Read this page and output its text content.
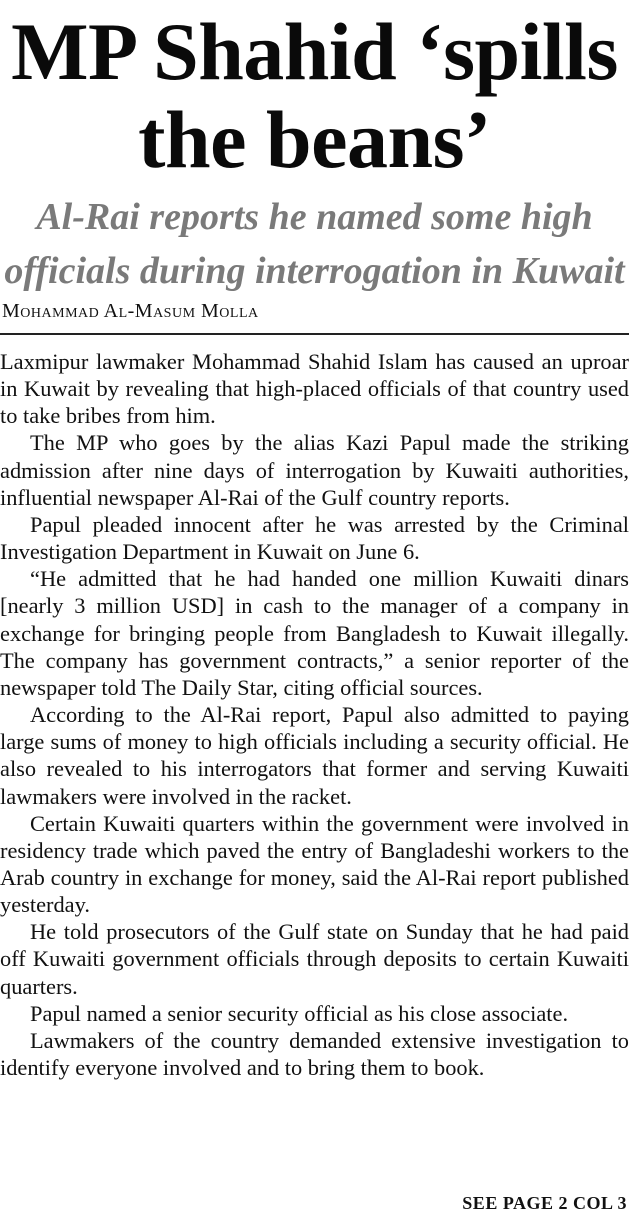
MP Shahid ‘spills
the beans’
Al-Rai reports he named some high
officials during interrogation in Kuwait
Mohammad Al-Masum Molla

Laxmipur lawmaker Mohammad Shahid Islam has caused an uproar in Kuwait by revealing that high-placed officials of that country used to take bribes from him.

The MP who goes by the alias Kazi Papul made the striking admission after nine days of interrogation by Kuwaiti authorities, influential newspaper Al-Rai of the Gulf country reports.

Papul pleaded innocent after he was arrested by the Criminal Investigation Department in Kuwait on June 6.

“He admitted that he had handed one million Kuwaiti dinars [nearly 3 million USD] in cash to the manager of a company in exchange for bringing people from Bangladesh to Kuwait illegally. The company has government contracts,” a senior reporter of the newspaper told The Daily Star, citing official sources.

According to the Al-Rai report, Papul also admitted to paying large sums of money to high officials including a security official. He also revealed to his interrogators that former and serving Kuwaiti lawmakers were involved in the racket.

Certain Kuwaiti quarters within the government were involved in residency trade which paved the entry of Bangladeshi workers to the Arab country in exchange for money, said the Al-Rai report published yesterday.

He told prosecutors of the Gulf state on Sunday that he had paid off Kuwaiti government officials through deposits to certain Kuwaiti quarters.

Papul named a senior security official as his close associate.

Lawmakers of the country demanded extensive investigation to identify everyone involved and to bring them to book.

SEE PAGE 2 COL 3
